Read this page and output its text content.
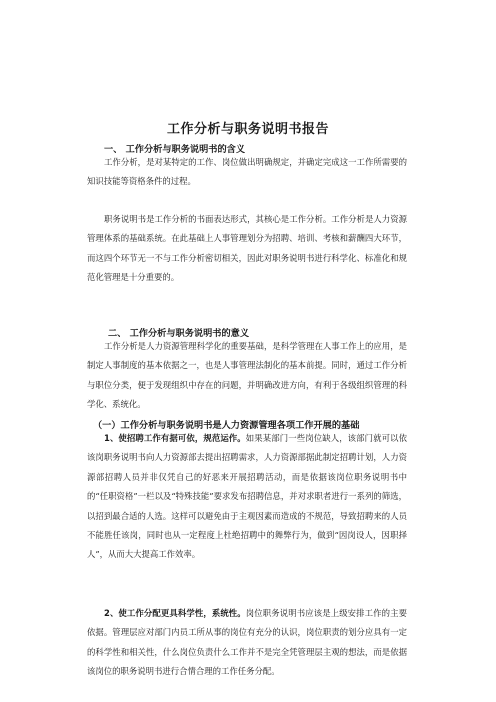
工作分析与职务说明书报告
一、 工作分析与职务说明书的含义
工作分析，是对某特定的工作、岗位做出明确规定，并确定完成这一工作所需要的知识技能等资格条件的过程。
职务说明书是工作分析的书面表达形式，其核心是工作分析。工作分析是人力资源管理体系的基础系统。在此基础上人事管理划分为招聘、培训、考核和薪酬四大环节，而这四个环节无一不与工作分析密切相关，因此对职务说明书进行科学化、标准化和规范化管理是十分重要的。
二、 工作分析与职务说明书的意义
工作分析是人力资源管理科学化的重要基础，是科学管理在人事工作上的应用，是制定人事制度的基本依据之一，也是人事管理法制化的基本前提。同时，通过工作分析与职位分类，便于发现组织中存在的问题，并明确改进方向，有利于各级组织管理的科学化、系统化。
（一）工作分析与职务说明书是人力资源管理各项工作开展的基础
1、使招聘工作有据可依，规范运作。如果某部门一些岗位缺人，该部门就可以依该岗职务说明书向人力资源部去提出招聘需求，人力资源部据此制定招聘计划，人力资源部招聘人员并非仅凭自己的好恶来开展招聘活动，而是依据该岗位职务说明书中的“任职资格”一栏以及“特殊技能”要求发布招聘信息，并对求职者进行一系列的筛选，以招到最合适的人选。这样可以避免由于主观因素而造成的不规范，导致招聘来的人员不能胜任该岗，同时也从一定程度上杜绝招聘中的舞弊行为，做到“因岗设人，因职择人”，从而大大提高工作效率。
2、使工作分配更具科学性，系统性。岗位职务说明书应该是上级安排工作的主要依据。管理层应对部门内员工所从事的岗位有充分的认识，岗位职责的划分应具有一定的科学性和相关性，什么岗位负责什么工作并不是完全凭管理层主观的想法，而是依据该岗位的职务说明书进行合情合理的工作任务分配。
